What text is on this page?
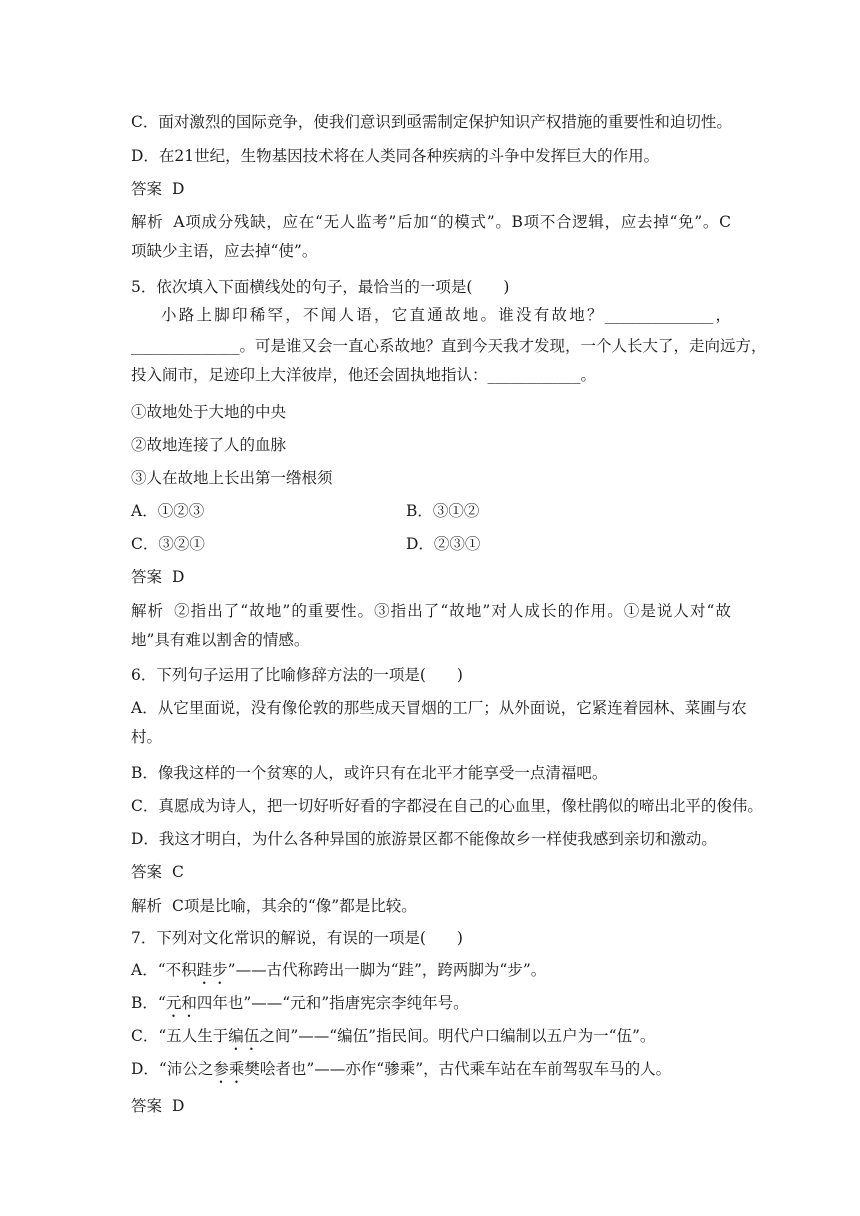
C．面对激烈的国际竞争，使我们意识到亟需制定保护知识产权措施的重要性和迫切性。
D．在21世纪，生物基因技术将在人类同各种疾病的斗争中发挥巨大的作用。
答案 D
解析 A项成分残缺，应在“无人监考”后加“的模式”。B项不合逻辑，应去掉“免”。C
项缺少主语，应去掉“使”。
5．依次填入下面横线处的句子，最恰当的一项是(　　)
小路上脚印稀罕，不闻人语，它直通故地。谁没有故地？______________，
______________。可是谁又会一直心系故地？直到今天我才发现，一个人长大了，走向远方，
投入闹市，足迹印上大洋彼岸，他还会固执地指认：____________。
①故地处于大地的中央
②故地连接了人的血脉
③人在故地上长出第一绺根须
A．①②③	B．③①②
C．③②①	D．②③①
答案 D
解析 ②指出了“故地”的重要性。③指出了“故地”对人成长的作用。①是说人对“故
地”具有难以割舍的情感。
6．下列句子运用了比喻修辞方法的一项是(　　)
A．从它里面说，没有像伦敦的那些成天冒烟的工厂；从外面说，它紧连着园林、菜圃与农
村。
B．像我这样的一个贫寒的人，或许只有在北平才能享受一点清福吧。
C．真愿成为诗人，把一切好听好看的字都浸在自己的心血里，像杜鹃似的啼出北平的俊伟。
D．我这才明白，为什么各种异国的旅游景区都不能像故乡一样使我感到亲切和激动。
答案 C
解析 C项是比喻，其余的“像”都是比较。
7．下列对文化常识的解说，有误的一项是(　　)
A．“不积跬步”——古代称跨出一脚为“跬”，跨两脚为“步”。
B．“元和四年也”——“元和”指唐宪宗李纯年号。
C．“五人生于编伍之间”——“编伍”指民间。明代户口编制以五户为一“伍”。
D．“沛公之参乘樊哙者也”——亦作“骖乘”，古代乘车站在车前驾驭车马的人。
答案 D
